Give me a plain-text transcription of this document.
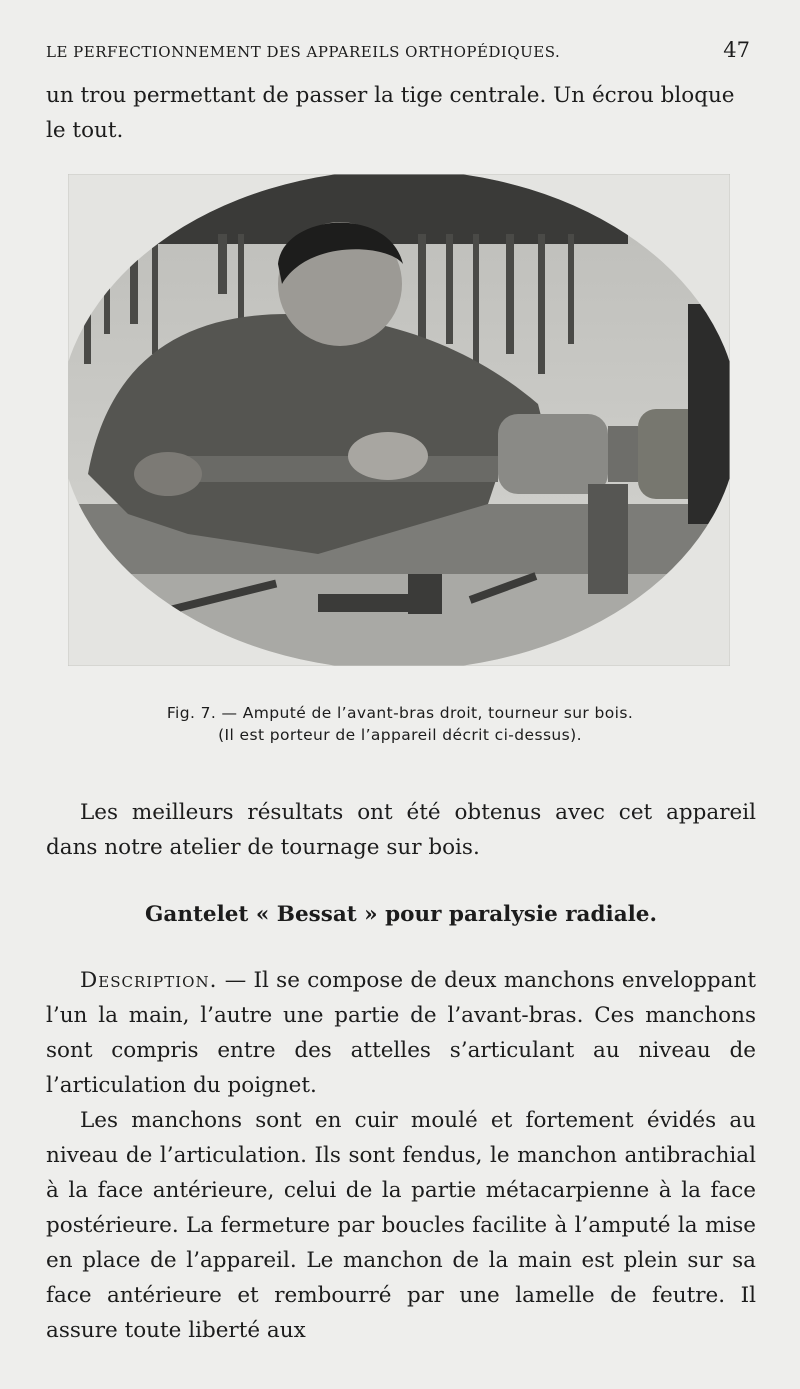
LE PERFECTIONNEMENT DES APPAREILS ORTHOPÉDIQUES.	47

un trou permettant de passer la tige centrale. Un écrou bloque le tout.

Fig. 7. — Amputé de l’avant-bras droit, tourneur sur bois.
(Il est porteur de l’appareil décrit ci-dessus).

Les meilleurs résultats ont été obtenus avec cet appareil dans notre atelier de tournage sur bois.

Gantelet « Bessat » pour paralysie radiale.

Description. — Il se compose de deux manchons enveloppant l’un la main, l’autre une partie de l’avant-bras. Ces manchons sont compris entre des attelles s’articulant au niveau de l’articulation du poignet.

Les manchons sont en cuir moulé et fortement évidés au niveau de l’articulation. Ils sont fendus, le manchon antibrachial à la face antérieure, celui de la partie métacarpienne à la face postérieure. La fermeture par boucles facilite à l’amputé la mise en place de l’appareil. Le manchon de la main est plein sur sa face antérieure et rembourré par une lamelle de feutre. Il assure toute liberté aux
